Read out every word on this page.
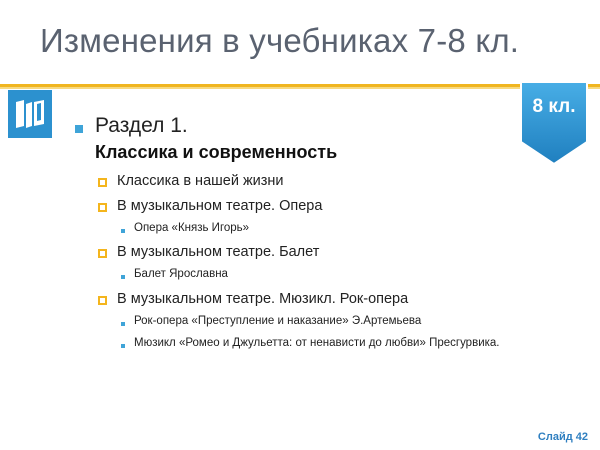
Изменения в учебниках 7-8 кл.
8 кл.
Раздел 1.
Классика и современность
Классика в нашей жизни
В музыкальном театре. Опера
Опера «Князь Игорь»
В музыкальном театре. Балет
Балет Ярославна
В музыкальном театре. Мюзикл. Рок-опера
Рок-опера «Преступление и наказание» Э.Артемьева
Мюзикл «Ромео и Джульетта: от ненависти до любви» Пресгурвика.
Слайд 42
